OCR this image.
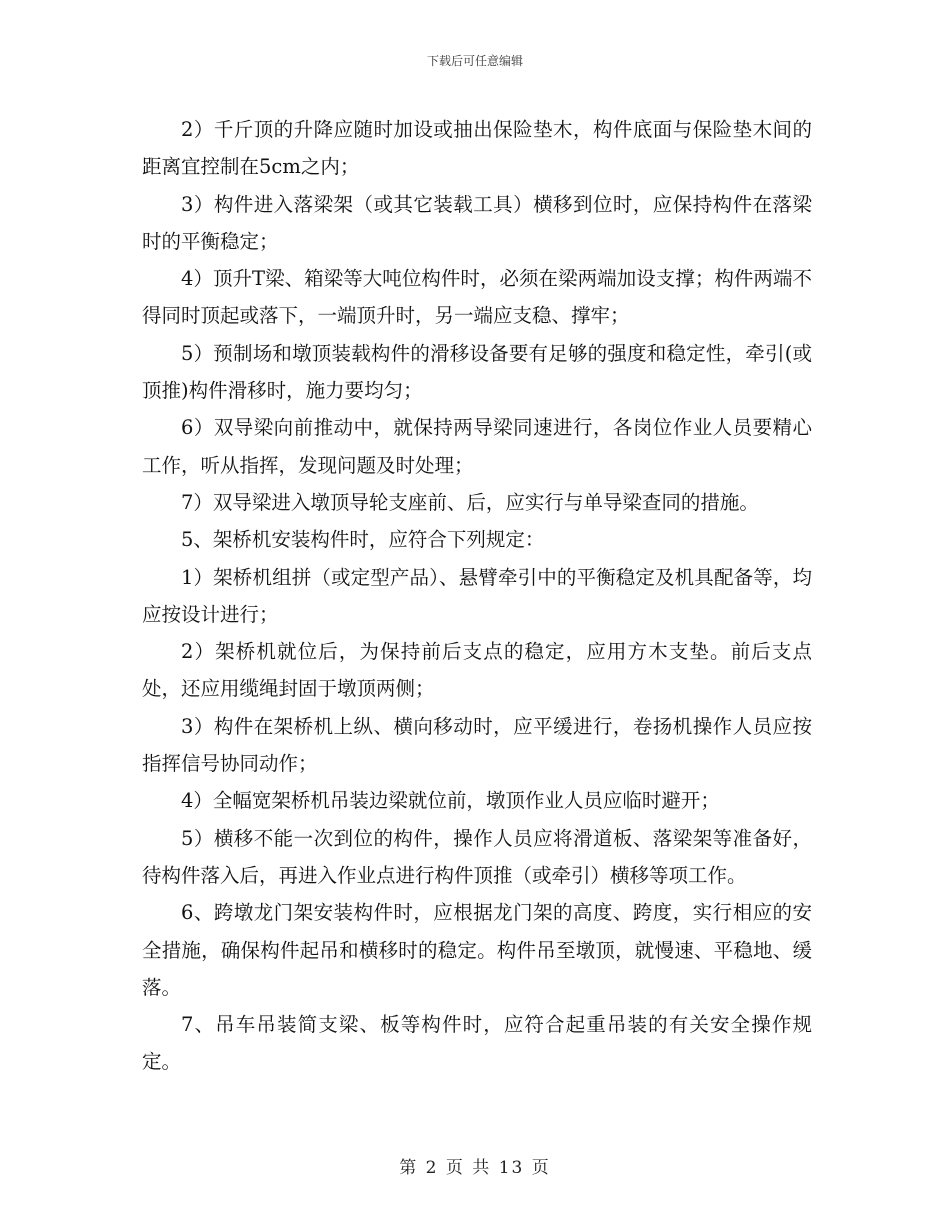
下载后可任意编辑

2）千斤顶的升降应随时加设或抽出保险垫木，构件底面与保险垫木间的距离宜控制在5cm之内；

3）构件进入落梁架（或其它装载工具）横移到位时，应保持构件在落梁时的平衡稳定；

4）顶升T梁、箱梁等大吨位构件时，必须在梁两端加设支撑；构件两端不得同时顶起或落下，一端顶升时，另一端应支稳、撑牢；

5）预制场和墩顶装载构件的滑移设备要有足够的强度和稳定性，牵引(或顶推)构件滑移时，施力要均匀；

6）双导梁向前推动中，就保持两导梁同速进行，各岗位作业人员要精心工作，听从指挥，发现问题及时处理；

7）双导梁进入墩顶导轮支座前、后，应实行与单导梁查同的措施。

5、架桥机安装构件时，应符合下列规定：

1）架桥机组拼（或定型产品）、悬臂牵引中的平衡稳定及机具配备等，均应按设计进行；

2）架桥机就位后，为保持前后支点的稳定，应用方木支垫。前后支点处，还应用缆绳封固于墩顶两侧；

3）构件在架桥机上纵、横向移动时，应平缓进行，卷扬机操作人员应按指挥信号协同动作；

4）全幅宽架桥机吊装边梁就位前，墩顶作业人员应临时避开；

5）横移不能一次到位的构件，操作人员应将滑道板、落梁架等准备好，待构件落入后，再进入作业点进行构件顶推（或牵引）横移等项工作。

6、跨墩龙门架安装构件时，应根据龙门架的高度、跨度，实行相应的安全措施，确保构件起吊和横移时的稳定。构件吊至墩顶，就慢速、平稳地、缓落。

7、吊车吊装简支梁、板等构件时，应符合起重吊装的有关安全操作规定。

第 2 页 共 13 页
